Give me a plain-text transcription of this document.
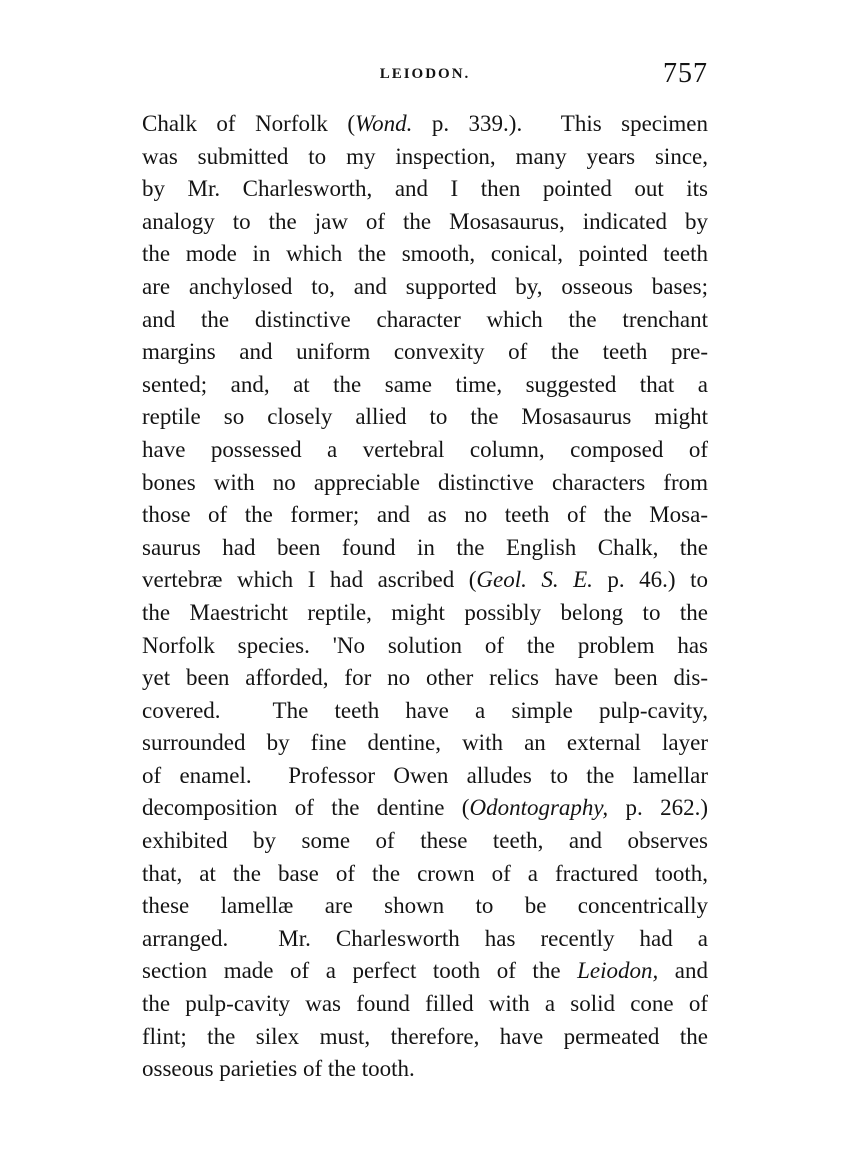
LEIODON.	757
Chalk of Norfolk (Wond. p. 339.).  This specimen
was submitted to my inspection, many years since,
by Mr. Charlesworth, and I then pointed out its
analogy to the jaw of the Mosasaurus, indicated by
the mode in which the smooth, conical, pointed teeth
are anchylosed to, and supported by, osseous bases;
and the distinctive character which the trenchant
margins and uniform convexity of the teeth pre-
sented; and, at the same time, suggested that a
reptile so closely allied to the Mosasaurus might
have possessed a vertebral column, composed of
bones with no appreciable distinctive characters from
those of the former; and as no teeth of the Mosa-
saurus had been found in the English Chalk, the
vertebræ which I had ascribed (Geol. S. E. p. 46.) to
the Maestricht reptile, might possibly belong to the
Norfolk species. 'No solution of the problem has
yet been afforded, for no other relics have been dis-
covered.  The teeth have a simple pulp-cavity,
surrounded by fine dentine, with an external layer
of enamel.  Professor Owen alludes to the lamellar
decomposition of the dentine (Odontography, p. 262.)
exhibited by some of these teeth, and observes
that, at the base of the crown of a fractured tooth,
these lamellæ are shown to be concentrically
arranged.  Mr. Charlesworth has recently had a
section made of a perfect tooth of the Leiodon, and
the pulp-cavity was found filled with a solid cone of
flint; the silex must, therefore, have permeated the
osseous parieties of the tooth.
